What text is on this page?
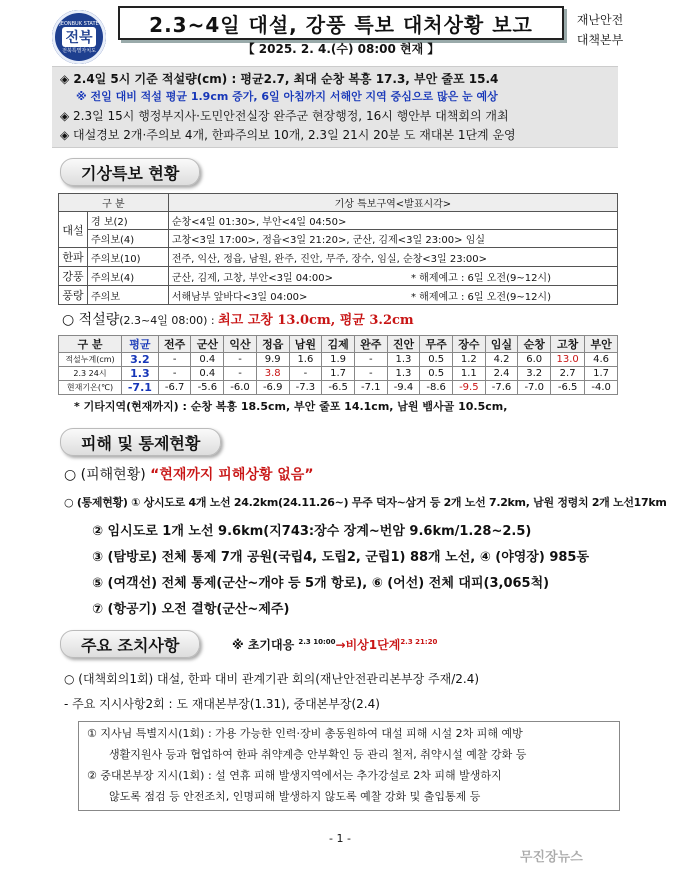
JEONBUK STATE
전북
전북특별자치도
2.3~4일 대설, 강풍 특보 대처상황 보고
【 2025. 2. 4.(수) 08:00 현재 】
재난안전
대책본부
◈ 2.4일 5시 기준 적설량(cm) : 평균2.7, 최대 순창 복흥 17.3, 부안 줄포 15.4
※ 전일 대비 적설 평균 1.9cm 증가, 6일 아침까지 서해안 지역 중심으로 많은 눈 예상
◈ 2.3일 15시 행정부지사·도민안전실장 완주군 현장행정, 16시 행안부 대책회의 개최
◈ 대설경보 2개·주의보 4개, 한파주의보 10개, 2.3일 21시 20분 도 재대본 1단계 운영
기상특보 현황
구 분		기상 특보구역<발표시각>	
대설	경 보(2)	순창<4일 01:30>, 부안<4일 04:50>	
	주의보(4)	고창<3일 17:00>, 정읍<3일 21:20>, 군산, 김제<3일 23:00> 임실	
한파	주의보(10)	전주, 익산, 정읍, 남원, 완주, 진안, 무주, 장수, 임실, 순창<3일 23:00>	
강풍	주의보(4)	군산, 김제, 고창, 부안<3일 04:00>	* 해제예고 : 6일 오전(9~12시)
풍랑	주의보	서해남부 앞바다<3일 04:00>	* 해제예고 : 6일 오전(9~12시)
○ 적설량(2.3~4일 08:00) : 최고 고창 13.0cm, 평균 3.2cm
구 분	평균	전주	군산	익산	정읍	남원	김제	완주	진안	무주	장수	임실	순창	고창	부안
적설누계(cm)	3.2	-	0.4	-	9.9	1.6	1.9	-	1.3	0.5	1.2	4.2	6.0	13.0	4.6
2.3 24시	1.3	-	0.4	-	3.8	-	1.7	-	1.3	0.5	1.1	2.4	3.2	2.7	1.7
현재기온(℃)	-7.1	-6.7	-5.6	-6.0	-6.9	-7.3	-6.5	-7.1	-9.4	-8.6	-9.5	-7.6	-7.0	-6.5	-4.0
* 기타지역(현재까지) : 순창 복흥 18.5cm, 부안 줄포 14.1cm, 남원 뱀사골 10.5cm,
피해 및 통제현황
○ (피해현황) “현재까지 피해상황 없음”
○ (통제현황) ① 상시도로 4개 노선 24.2km(24.11.26~) 무주 덕자~삼거 등 2개 노선 7.2km, 남원 정령치 2개 노선17km
② 임시도로 1개 노선 9.6km(지743:장수 장계~번암 9.6km/1.28~2.5)
③ (탐방로) 전체 통제 7개 공원(국립4, 도립2, 군립1) 88개 노선, ④ (야영장) 985동
⑤ (여객선) 전체 통제(군산~개야 등 5개 항로), ⑥ (어선) 전체 대피(3,065척)
⑦ (항공기) 오전 결항(군산~제주)
주요 조치사항	※ 초기대응 $^{2.3 10:00}$→비상1단계$^{2.3 21:20}$
○ (대책회의1회) 대설, 한파 대비 관계기관 회의(재난안전관리본부장 주재/2.4)
- 주요 지시사항2회 : 도 재대본부장(1.31), 중대본부장(2.4)
① 지사님 특별지시(1회) : 가용 가능한 인력·장비 총동원하여 대설 피해 시설 2차 피해 예방
생활지원사 등과 협업하여 한파 취약계층 안부확인 등 관리 철저, 취약시설 예찰 강화 등
② 중대본부장 지시(1회) : 설 연휴 피해 발생지역에서는 추가강설로 2차 피해 발생하지
않도록 점검 등 안전조치, 인명피해 발생하지 않도록 예찰 강화 및 출입통제 등
- 1 -
무진장뉴스
